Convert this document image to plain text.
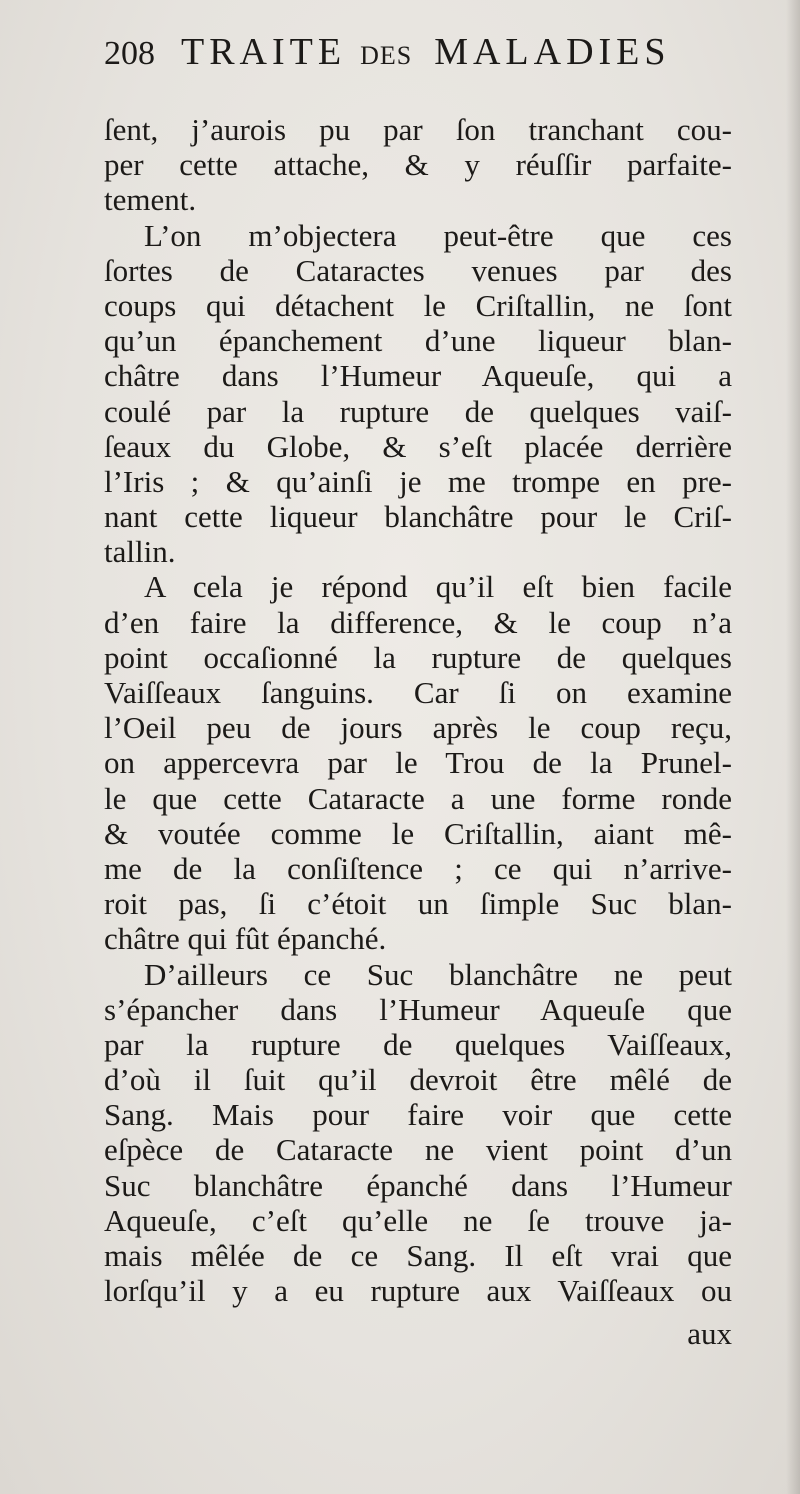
208 TRAITE DES MALADIES
ſent, j’aurois pu par ſon tranchant cou-
per cette attache, & y réuſſir parfaite-
tement.
L’on m’objectera peut-être que ces
ſortes de Cataractes venues par des
coups qui détachent le Criſtallin, ne ſont
qu’un épanchement d’une liqueur blan-
châtre dans l’Humeur Aqueuſe, qui a
coulé par la rupture de quelques vaiſ-
ſeaux du Globe, & s’eſt placée derrière
l’Iris ; & qu’ainſi je me trompe en pre-
nant cette liqueur blanchâtre pour le Criſ-
tallin.
A cela je répond qu’il eſt bien facile
d’en faire la difference, & le coup n’a
point occaſionné la rupture de quelques
Vaiſſeaux ſanguins. Car ſi on examine
l’Oeil peu de jours après le coup reçu,
on appercevra par le Trou de la Prunel-
le que cette Cataracte a une forme ronde
& voutée comme le Criſtallin, aiant mê-
me de la conſiſtence ; ce qui n’arrive-
roit pas, ſi c’étoit un ſimple Suc blan-
châtre qui fût épanché.
D’ailleurs ce Suc blanchâtre ne peut
s’épancher dans l’Humeur Aqueuſe que
par la rupture de quelques Vaiſſeaux,
d’où il ſuit qu’il devroit être mêlé de
Sang. Mais pour faire voir que cette
eſpèce de Cataracte ne vient point d’un
Suc blanchâtre épanché dans l’Humeur
Aqueuſe, c’eſt qu’elle ne ſe trouve ja-
mais mêlée de ce Sang. Il eſt vrai que
lorſqu’il y a eu rupture aux Vaiſſeaux ou
aux
